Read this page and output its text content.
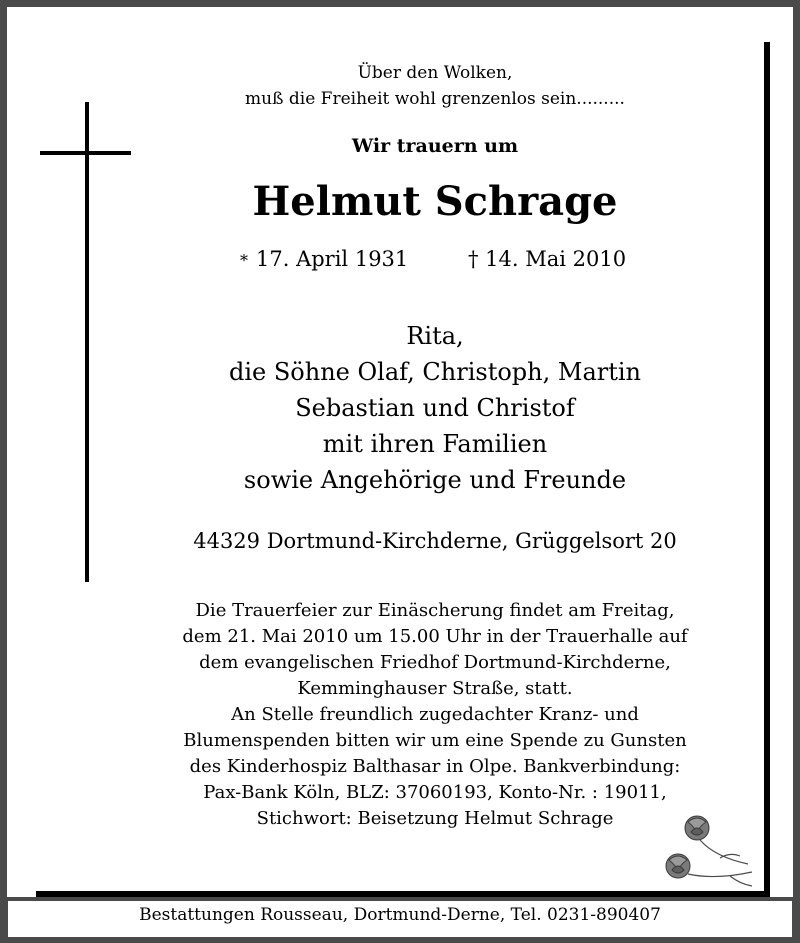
Über den Wolken,
muß die Freiheit wohl grenzenlos sein.........
Wir trauern um
Helmut Schrage
* 17. April 1931	† 14. Mai 2010
Rita,
die Söhne Olaf, Christoph, Martin
Sebastian und Christof
mit ihren Familien
sowie Angehörige und Freunde
44329 Dortmund-Kirchderne, Grüggelsort 20
Die Trauerfeier zur Einäscherung findet am Freitag,
dem 21. Mai 2010 um 15.00 Uhr in der Trauerhalle auf
dem evangelischen Friedhof Dortmund-Kirchderne,
Kemminghauser Straße, statt.
An Stelle freundlich zugedachter Kranz- und
Blumenspenden bitten wir um eine Spende zu Gunsten
des Kinderhospiz Balthasar in Olpe. Bankverbindung:
Pax-Bank Köln, BLZ: 37060193, Konto-Nr. : 19011,
Stichwort: Beisetzung Helmut Schrage
Bestattungen Rousseau, Dortmund-Derne, Tel. 0231-890407
